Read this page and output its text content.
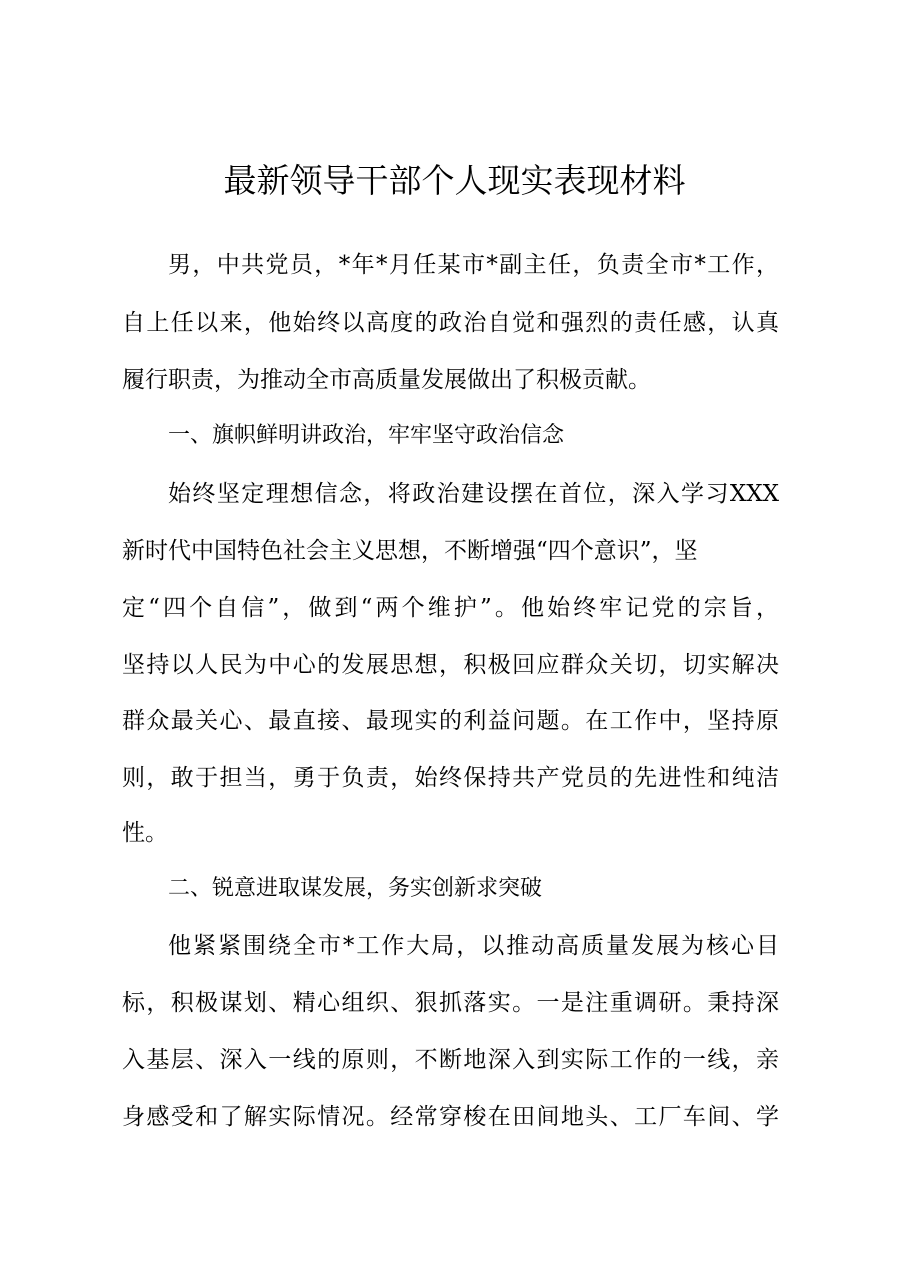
最新领导干部个人现实表现材料
男，中共党员，*年*月任某市*副主任，负责全市*工作，
自上任以来，他始终以高度的政治自觉和强烈的责任感，认真
履行职责，为推动全市高质量发展做出了积极贡献。
一、旗帜鲜明讲政治，牢牢坚守政治信念
始终坚定理想信念，将政治建设摆在首位，深入学习XXX
新时代中国特色社会主义思想，不断增强“四个意识”，坚
定“四个自信”，做到“两个维护”。他始终牢记党的宗旨，
坚持以人民为中心的发展思想，积极回应群众关切，切实解决
群众最关心、最直接、最现实的利益问题。在工作中，坚持原
则，敢于担当，勇于负责，始终保持共产党员的先进性和纯洁
性。
二、锐意进取谋发展，务实创新求突破
他紧紧围绕全市*工作大局，以推动高质量发展为核心目
标，积极谋划、精心组织、狠抓落实。一是注重调研。秉持深
入基层、深入一线的原则，不断地深入到实际工作的一线，亲
身感受和了解实际情况。经常穿梭在田间地头、工厂车间、学
